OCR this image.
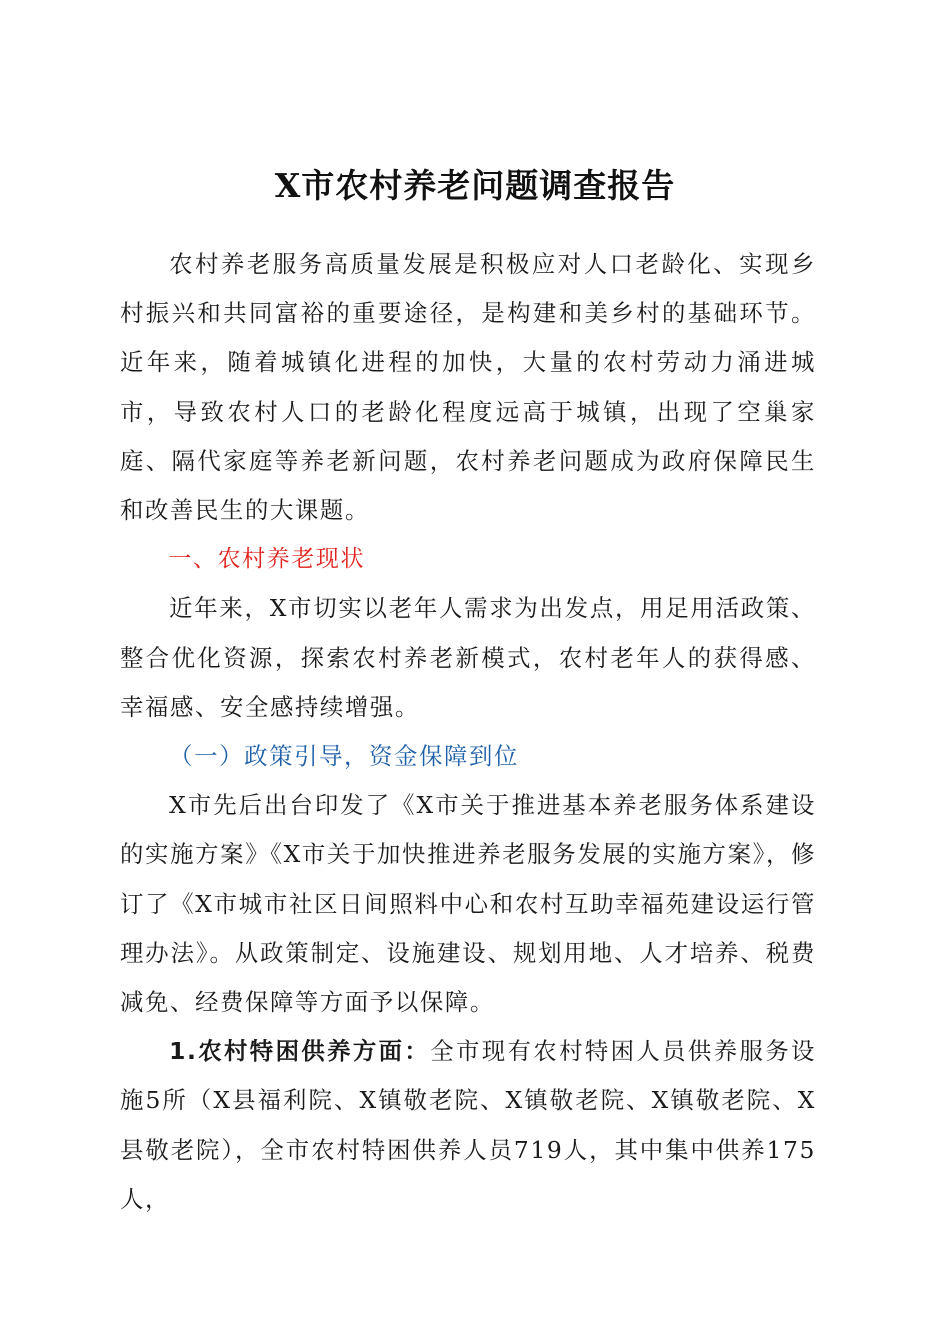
X市农村养老问题调查报告

农村养老服务高质量发展是积极应对人口老龄化、实现乡村振兴和共同富裕的重要途径，是构建和美乡村的基础环节。近年来，随着城镇化进程的加快，大量的农村劳动力涌进城市，导致农村人口的老龄化程度远高于城镇，出现了空巢家庭、隔代家庭等养老新问题，农村养老问题成为政府保障民生和改善民生的大课题。

一、农村养老现状

近年来，X市切实以老年人需求为出发点，用足用活政策、整合优化资源，探索农村养老新模式，农村老年人的获得感、幸福感、安全感持续增强。

（一）政策引导，资金保障到位

X市先后出台印发了《X市关于推进基本养老服务体系建设的实施方案》《X市关于加快推进养老服务发展的实施方案》，修订了《X市城市社区日间照料中心和农村互助幸福苑建设运行管理办法》。从政策制定、设施建设、规划用地、人才培养、税费减免、经费保障等方面予以保障。

1.农村特困供养方面：全市现有农村特困人员供养服务设施5所（X县福利院、X镇敬老院、X镇敬老院、X镇敬老院、X县敬老院），全市农村特困供养人员719人，其中集中供养175人，
